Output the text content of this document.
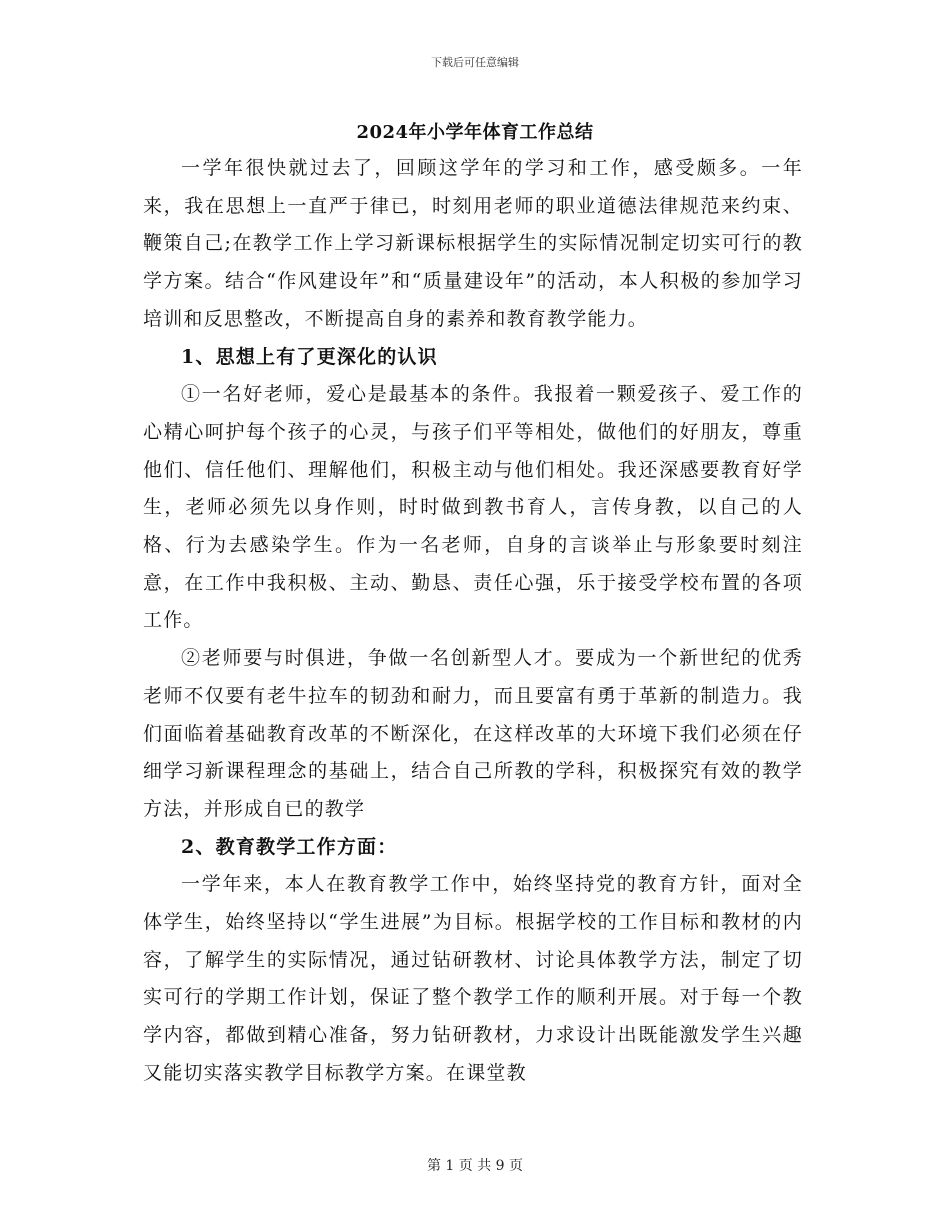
下载后可任意编辑
2024年小学年体育工作总结

一学年很快就过去了，回顾这学年的学习和工作，感受颇多。一年来，我在思想上一直严于律已，时刻用老师的职业道德法律规范来约束、鞭策自己;在教学工作上学习新课标根据学生的实际情况制定切实可行的教学方案。结合“作风建设年”和“质量建设年”的活动，本人积极的参加学习培训和反思整改，不断提高自身的素养和教育教学能力。

1、思想上有了更深化的认识

①一名好老师，爱心是最基本的条件。我报着一颗爱孩子、爱工作的心精心呵护每个孩子的心灵，与孩子们平等相处，做他们的好朋友，尊重他们、信任他们、理解他们，积极主动与他们相处。我还深感要教育好学生，老师必须先以身作则，时时做到教书育人，言传身教，以自己的人格、行为去感染学生。作为一名老师，自身的言谈举止与形象要时刻注意，在工作中我积极、主动、勤恳、责任心强，乐于接受学校布置的各项工作。

②老师要与时俱进，争做一名创新型人才。要成为一个新世纪的优秀老师不仅要有老牛拉车的韧劲和耐力，而且要富有勇于革新的制造力。我们面临着基础教育改革的不断深化，在这样改革的大环境下我们必须在仔细学习新课程理念的基础上，结合自己所教的学科，积极探究有效的教学方法，并形成自已的教学

2、教育教学工作方面：

一学年来，本人在教育教学工作中，始终坚持党的教育方针，面对全体学生，始终坚持以“学生进展”为目标。根据学校的工作目标和教材的内容，了解学生的实际情况，通过钻研教材、讨论具体教学方法，制定了切实可行的学期工作计划，保证了整个教学工作的顺利开展。对于每一个教学内容，都做到精心准备，努力钻研教材，力求设计出既能激发学生兴趣又能切实落实教学目标教学方案。在课堂教

第 1 页 共 9 页
